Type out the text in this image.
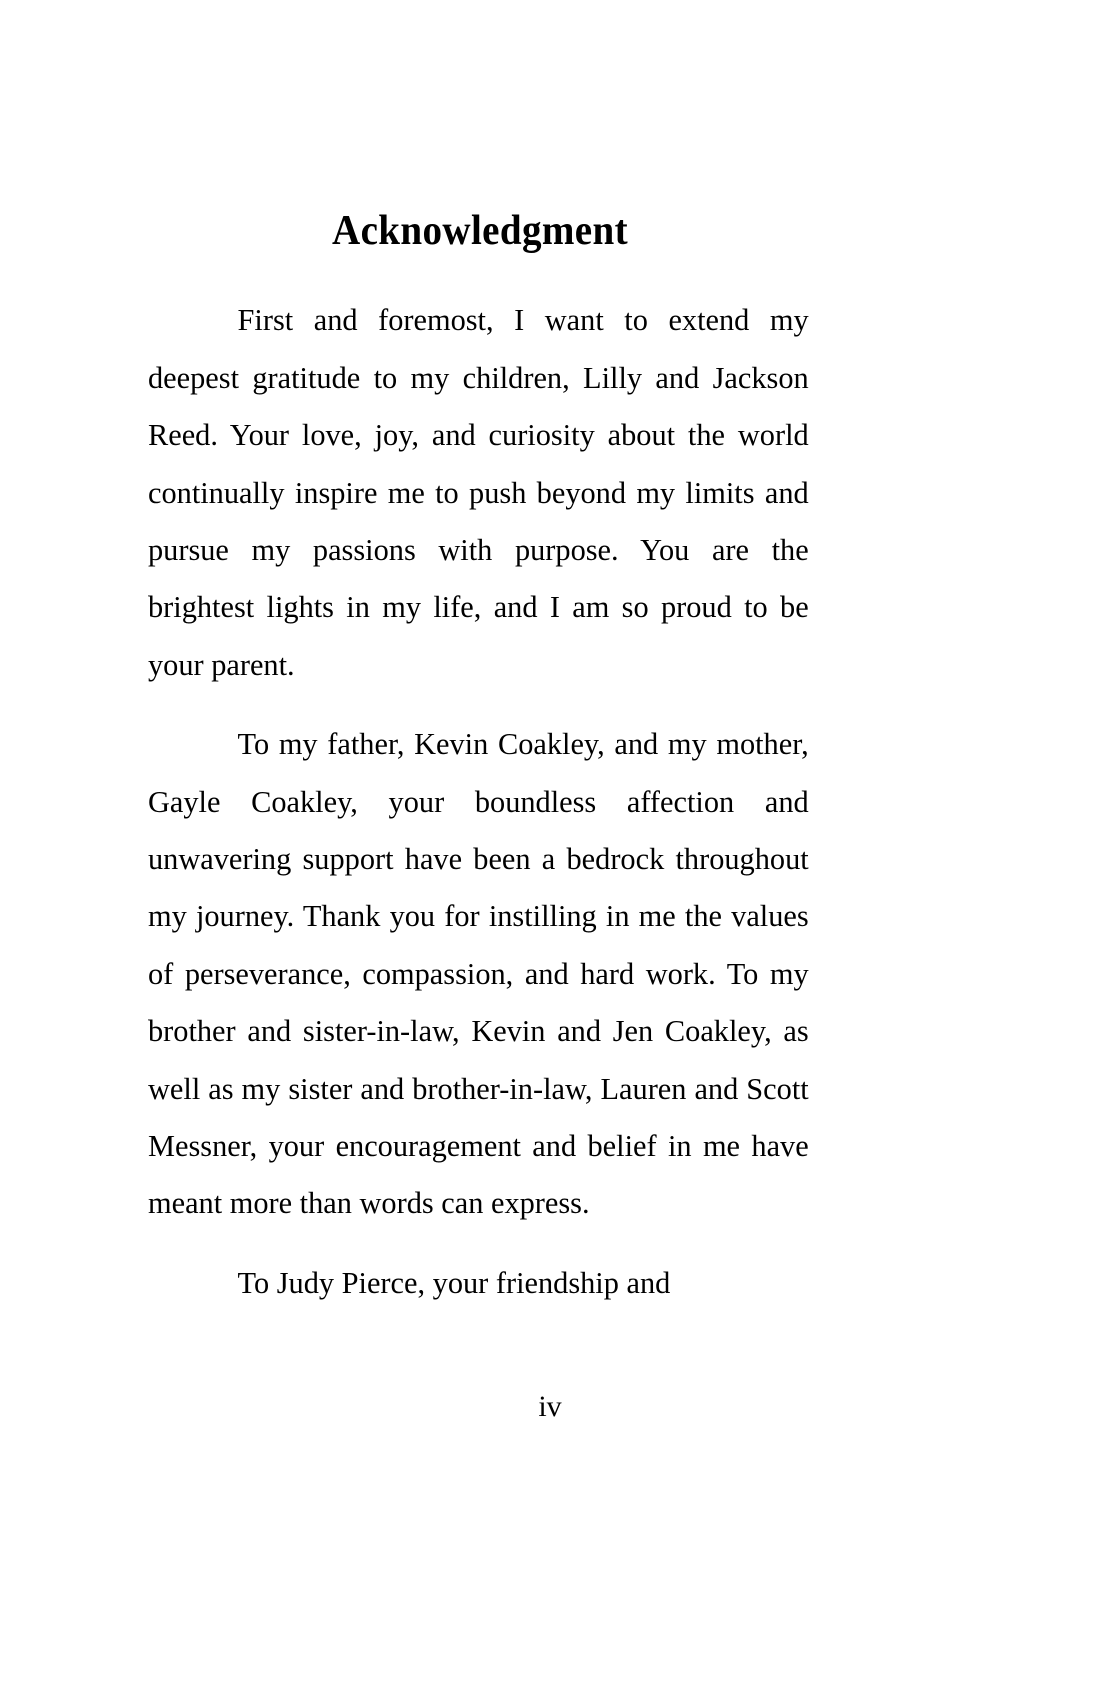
Acknowledgment

First and foremost, I want to extend my deepest gratitude to my children, Lilly and Jackson Reed. Your love, joy, and curiosity about the world continually inspire me to push beyond my limits and pursue my passions with purpose. You are the brightest lights in my life, and I am so proud to be your parent.

To my father, Kevin Coakley, and my mother, Gayle Coakley, your boundless affection and unwavering support have been a bedrock throughout my journey. Thank you for instilling in me the values of perseverance, compassion, and hard work. To my brother and sister-in-law, Kevin and Jen Coakley, as well as my sister and brother-in-law, Lauren and Scott Messner, your encouragement and belief in me have meant more than words can express.

To Judy Pierce, your friendship and

iv
